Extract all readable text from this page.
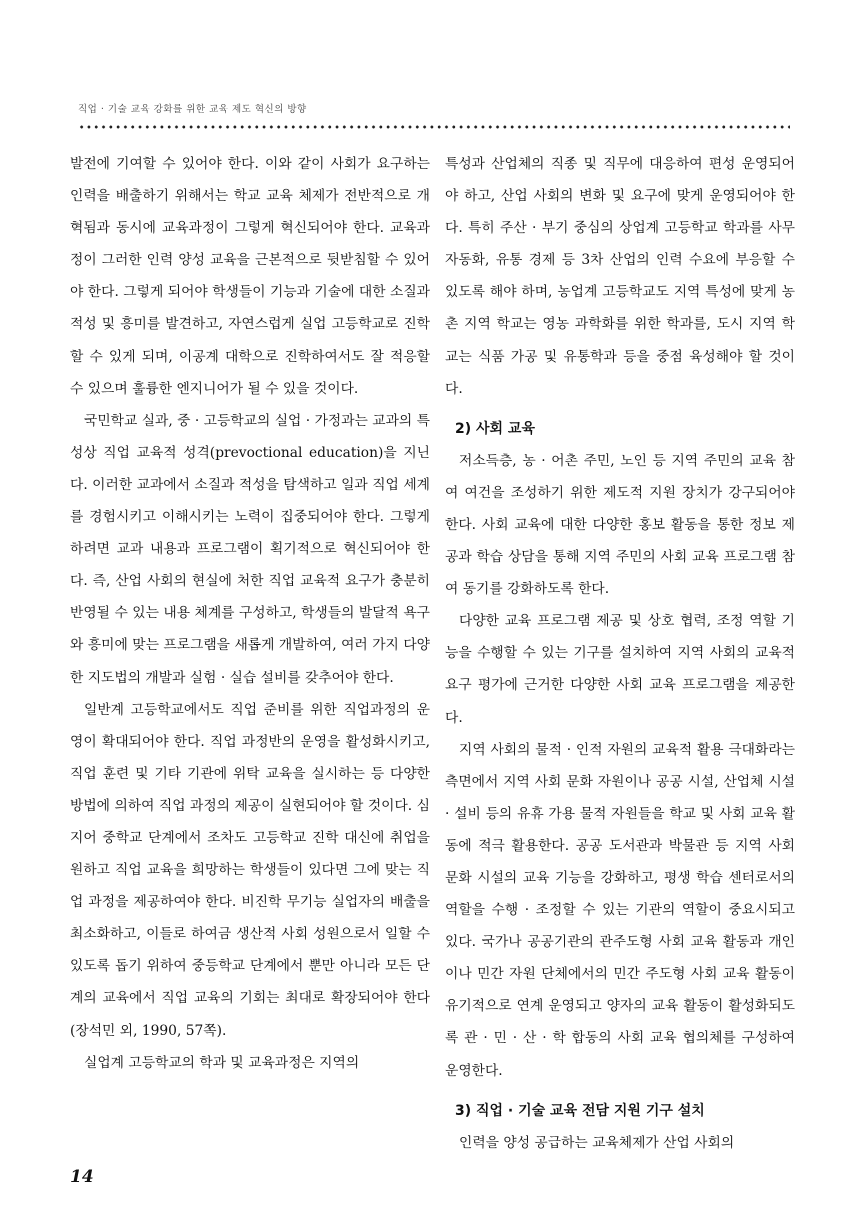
직업 · 기술 교육 강화를 위한 교육 제도 혁신의 방향

발전에 기여할 수 있어야 한다. 이와 같이 사회가 요구하는 인력을 배출하기 위해서는 학교 교육 체제가 전반적으로 개혁됨과 동시에 교육과정이 그렇게 혁신되어야 한다. 교육과정이 그러한 인력 양성 교육을 근본적으로 뒷받침할 수 있어야 한다. 그렇게 되어야 학생들이 기능과 기술에 대한 소질과 적성 및 흥미를 발견하고, 자연스럽게 실업 고등학교로 진학할 수 있게 되며, 이공계 대학으로 진학하여서도 잘 적응할 수 있으며 훌륭한 엔지니어가 될 수 있을 것이다.

국민학교 실과, 중 · 고등학교의 실업 · 가정과는 교과의 특성상 직업 교육적 성격(prevoctional education)을 지닌다. 이러한 교과에서 소질과 적성을 탐색하고 일과 직업 세계를 경험시키고 이해시키는 노력이 집중되어야 한다. 그렇게 하려면 교과 내용과 프로그램이 획기적으로 혁신되어야 한다. 즉, 산업 사회의 현실에 처한 직업 교육적 요구가 충분히 반영될 수 있는 내용 체계를 구성하고, 학생들의 발달적 욕구와 흥미에 맞는 프로그램을 새롭게 개발하여, 여러 가지 다양한 지도법의 개발과 실험 · 실습 설비를 갖추어야 한다.

일반계 고등학교에서도 직업 준비를 위한 직업과정의 운영이 확대되어야 한다. 직업 과정반의 운영을 활성화시키고, 직업 훈련 및 기타 기관에 위탁 교육을 실시하는 등 다양한 방법에 의하여 직업 과정의 제공이 실현되어야 할 것이다. 심지어 중학교 단계에서 조차도 고등학교 진학 대신에 취업을 원하고 직업 교육을 희망하는 학생들이 있다면 그에 맞는 직업 과정을 제공하여야 한다. 비진학 무기능 실업자의 배출을 최소화하고, 이들로 하여금 생산적 사회 성원으로서 일할 수 있도록 돕기 위하여 중등학교 단계에서 뿐만 아니라 모든 단계의 교육에서 직업 교육의 기회는 최대로 확장되어야 한다(장석민 외, 1990, 57쪽).

실업계 고등학교의 학과 및 교육과정은 지역의

특성과 산업체의 직종 및 직무에 대응하여 편성 운영되어야 하고, 산업 사회의 변화 및 요구에 맞게 운영되어야 한다. 특히 주산 · 부기 중심의 상업계 고등학교 학과를 사무 자동화, 유통 경제 등 3차 산업의 인력 수요에 부응할 수 있도록 해야 하며, 농업계 고등학교도 지역 특성에 맞게 농촌 지역 학교는 영농 과학화를 위한 학과를, 도시 지역 학교는 식품 가공 및 유통학과 등을 중점 육성해야 할 것이다.

2) 사회 교육

저소득층, 농 · 어촌 주민, 노인 등 지역 주민의 교육 참여 여건을 조성하기 위한 제도적 지원 장치가 강구되어야 한다. 사회 교육에 대한 다양한 홍보 활동을 통한 정보 제공과 학습 상담을 통해 지역 주민의 사회 교육 프로그램 참여 동기를 강화하도록 한다.

다양한 교육 프로그램 제공 및 상호 협력, 조정 역할 기능을 수행할 수 있는 기구를 설치하여 지역 사회의 교육적 요구 평가에 근거한 다양한 사회 교육 프로그램을 제공한다.

지역 사회의 물적 · 인적 자원의 교육적 활용 극대화라는 측면에서 지역 사회 문화 자원이나 공공 시설, 산업체 시설 · 설비 등의 유휴 가용 물적 자원들을 학교 및 사회 교육 활동에 적극 활용한다. 공공 도서관과 박물관 등 지역 사회 문화 시설의 교육 기능을 강화하고, 평생 학습 센터로서의 역할을 수행 · 조정할 수 있는 기관의 역할이 중요시되고 있다. 국가나 공공기관의 관주도형 사회 교육 활동과 개인이나 민간 자원 단체에서의 민간 주도형 사회 교육 활동이 유기적으로 연계 운영되고 양자의 교육 활동이 활성화되도록 관 · 민 · 산 · 학 합동의 사회 교육 협의체를 구성하여 운영한다.

3) 직업 · 기술 교육 전담 지원 기구 설치

인력을 양성 공급하는 교육체제가 산업 사회의

14
